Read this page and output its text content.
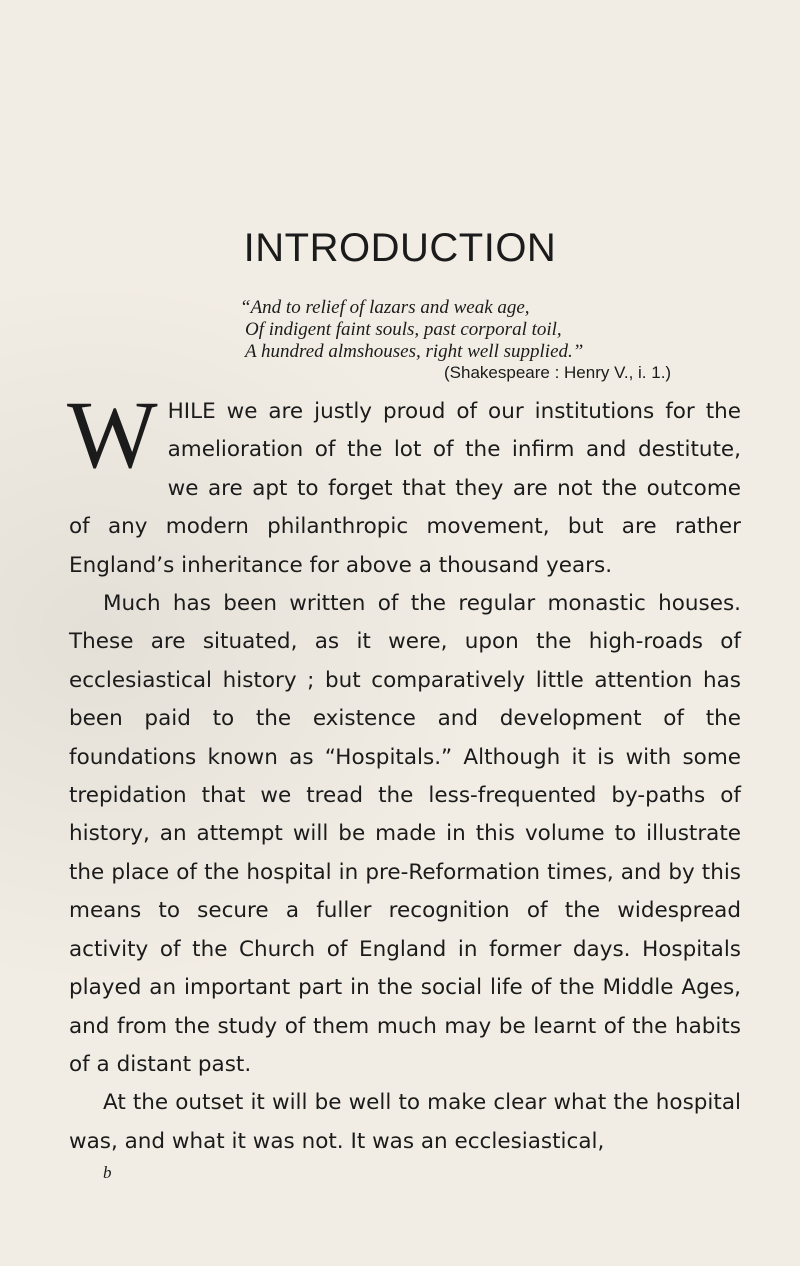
INTRODUCTION
“And to relief of lazars and weak age,
Of indigent faint souls, past corporal toil,
A hundred almshouses, right well supplied.”
(Shakespeare : Henry V., i. 1.)

WHILE we are justly proud of our institutions for the amelioration of the lot of the infirm and destitute, we are apt to forget that they are not the outcome of any modern philanthropic movement, but are rather England’s inheritance for above a thousand years.

Much has been written of the regular monastic houses. These are situated, as it were, upon the high-roads of ecclesiastical history ; but comparatively little attention has been paid to the existence and development of the foundations known as “Hospitals.” Although it is with some trepidation that we tread the less-frequented by-paths of history, an attempt will be made in this volume to illustrate the place of the hospital in pre-Reformation times, and by this means to secure a fuller recognition of the widespread activity of the Church of England in former days. Hospitals played an important part in the social life of the Middle Ages, and from the study of them much may be learnt of the habits of a distant past.

At the outset it will be well to make clear what the hospital was, and what it was not. It was an ecclesiastical,

b
